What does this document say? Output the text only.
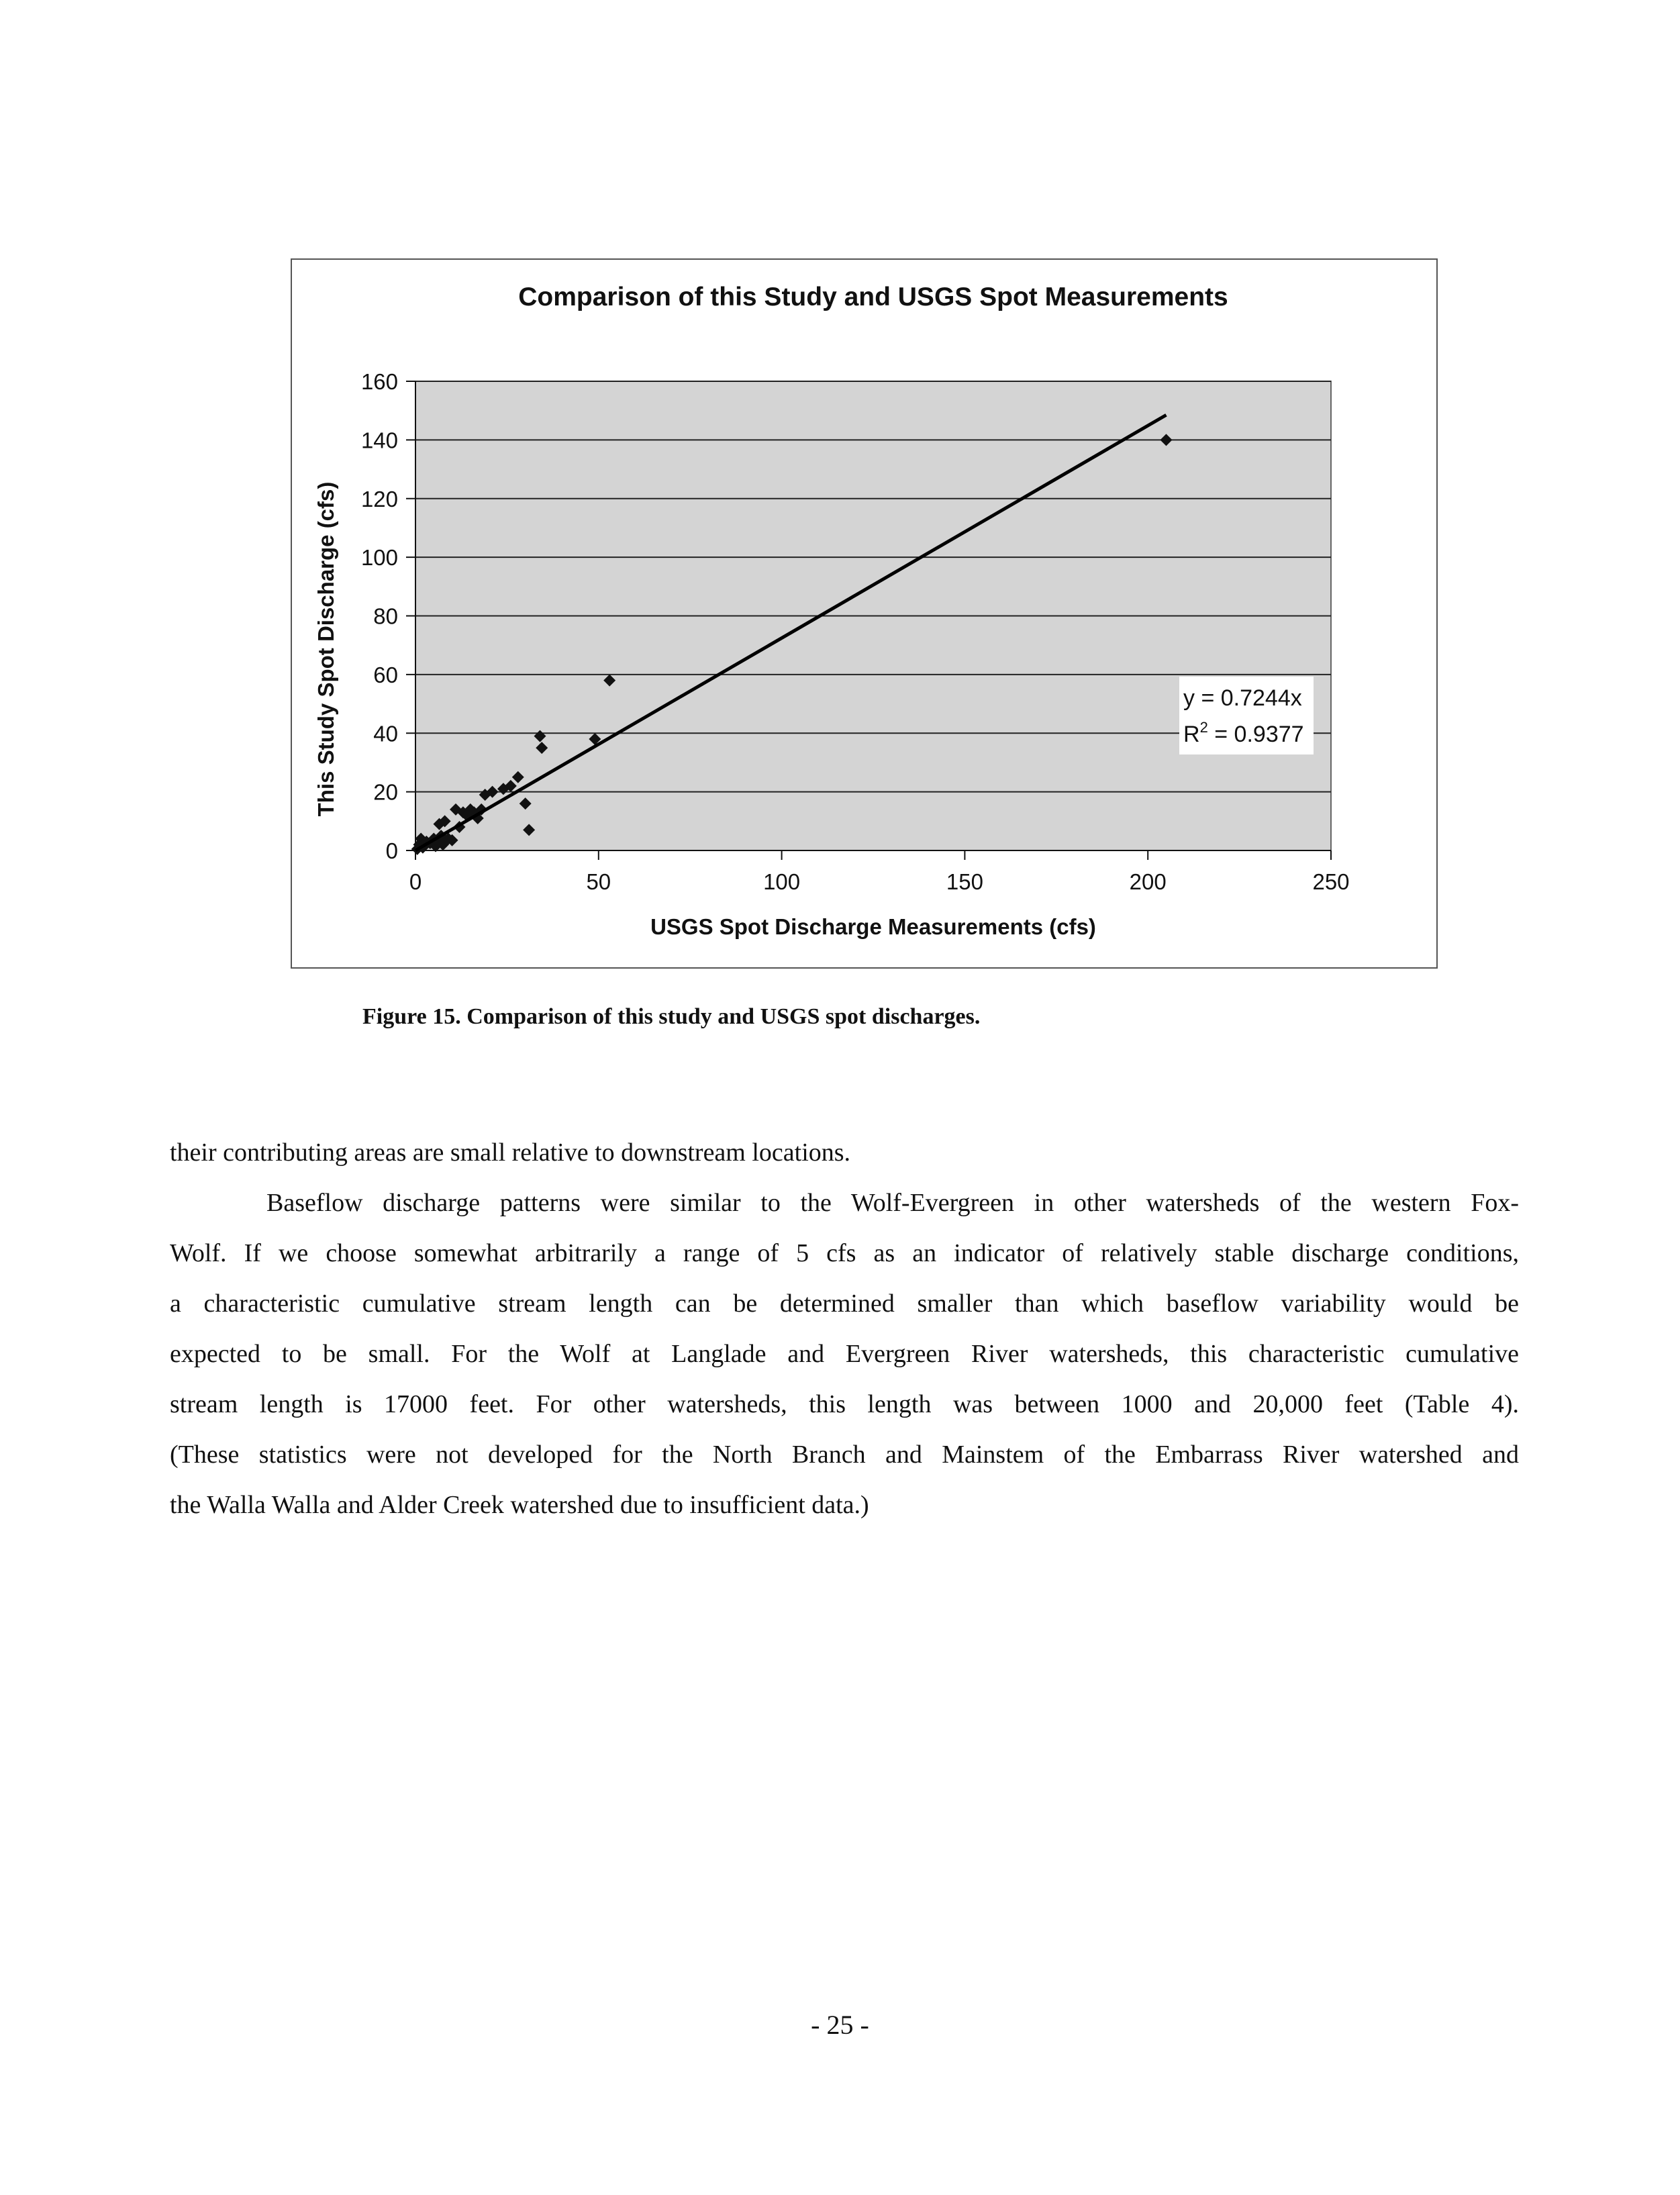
Comparison of this Study and USGS Spot Measurements
0
20
40
60
80
100
120
140
160
0	50	100	150	200	250
y = 0.7244x
$R^2 = 0.9377$
USGS Spot Discharge Measurements (cfs)
This Study Spot Discharge (cfs)
Figure 15. Comparison of this study and USGS spot discharges.
their contributing areas are small relative to downstream locations.
Baseflow discharge patterns were similar to the Wolf-Evergreen in other watersheds of the western Fox-
Wolf. If we choose somewhat arbitrarily a range of 5 cfs as an indicator of relatively stable discharge conditions,
a characteristic cumulative stream length can be determined smaller than which baseflow variability would be
expected to be small. For the Wolf at Langlade and Evergreen River watersheds, this characteristic cumulative
stream length is 17000 feet. For other watersheds, this length was between 1000 and 20,000 feet (Table 4).
(These statistics were not developed for the North Branch and Mainstem of the Embarrass River watershed and
the Walla Walla and Alder Creek watershed due to insufficient data.)
- 25 -
